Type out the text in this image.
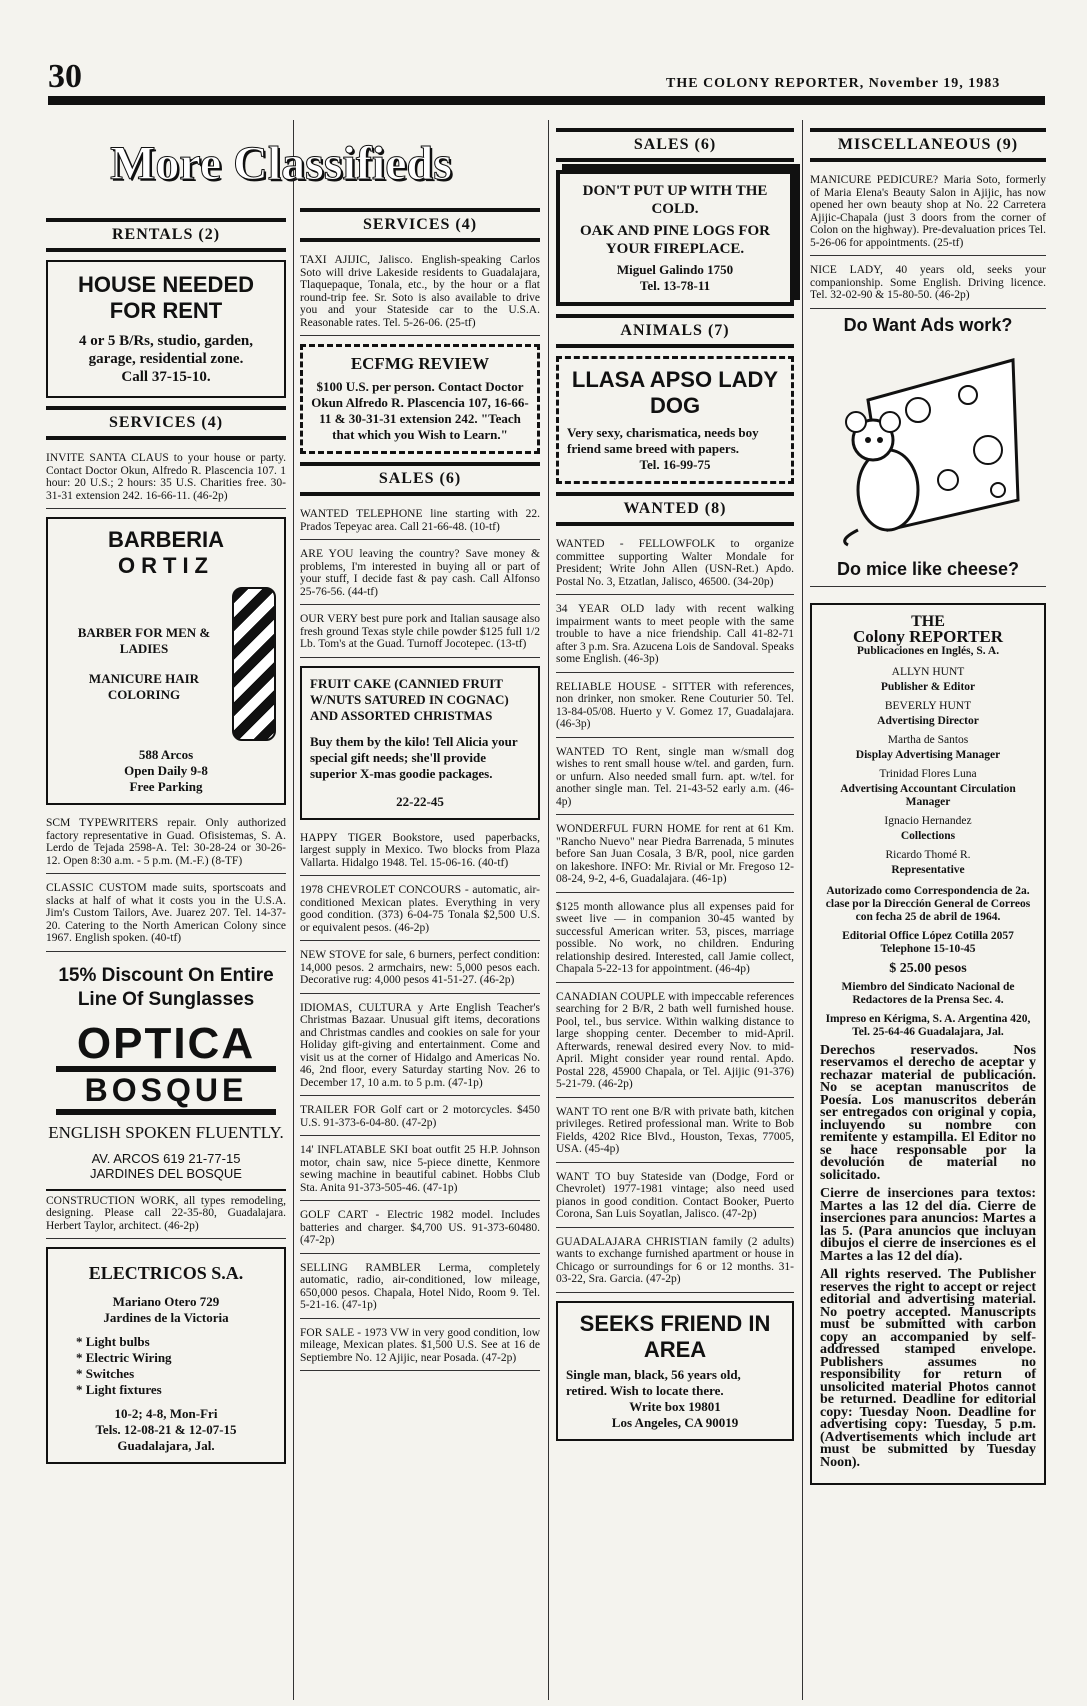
30	THE COLONY REPORTER, November 19, 1983
More Classifieds
RENTALS (2)
HOUSE NEEDED FOR RENT
4 or 5 B/Rs, studio, garden, garage, residential zone.
Call 37-15-10.
SERVICES (4)
INVITE SANTA CLAUS to your house or party. Contact Doctor Okun, Alfredo R. Plascencia 107. 1 hour: 20 U.S.; 2 hours: 35 U.S. Charities free. 30-31-31 extension 242. 16-66-11. (46-2p)
BARBERIA
ORTIZ
BARBER FOR MEN & LADIES
MANICURE HAIR COLORING
588 Arcos
Open Daily 9-8
Free Parking
SCM TYPEWRITERS repair. Only authorized factory representative in Guad. Ofisistemas, S. A. Lerdo de Tejada 2598-A. Tel: 30-28-24 or 30-26-12. Open 8:30 a.m. - 5 p.m. (M.-F.) (8-TF)
CLASSIC CUSTOM made suits, sportscoats and slacks at half of what it costs you in the U.S.A. Jim's Custom Tailors, Ave. Juarez 207. Tel. 14-37-20. Catering to the North American Colony since 1967. English spoken. (40-tf)
15% Discount On Entire Line Of Sunglasses
OPTICA
BOSQUE
ENGLISH SPOKEN FLUENTLY.
AV. ARCOS 619 21-77-15
JARDINES DEL BOSQUE
CONSTRUCTION WORK, all types remodeling, designing. Please call 22-35-80, Guadalajara. Herbert Taylor, architect. (46-2p)
ELECTRICOS S.A.
Mariano Otero 729
Jardines de la Victoria
* Light bulbs
* Electric Wiring
* Switches
* Light fixtures
10-2; 4-8, Mon-Fri
Tels. 12-08-21 & 12-07-15
Guadalajara, Jal.
SERVICES (4)
TAXI AJIJIC, Jalisco. English-speaking Carlos Soto will drive Lakeside residents to Guadalajara, Tlaquepaque, Tonala, etc., by the hour or a flat round-trip fee. Sr. Soto is also available to drive you and your Stateside car to the U.S.A. Reasonable rates. Tel. 5-26-06. (25-tf)
ECFMG REVIEW
$100 U.S. per person. Contact Doctor Okun Alfredo R. Plascencia 107, 16-66-11 & 30-31-31 extension 242. "Teach that which you Wish to Learn."
SALES (6)
WANTED TELEPHONE line starting with 22. Prados Tepeyac area. Call 21-66-48. (10-tf)
ARE YOU leaving the country? Save money & problems, I'm interested in buying all or part of your stuff, I decide fast & pay cash. Call Alfonso 25-76-56. (44-tf)
OUR VERY best pure pork and Italian sausage also fresh ground Texas style chile powder $125 full 1/2 Lb. Tom's at the Guad. Turnoff Jocotepec. (13-tf)
FRUIT CAKE (CANNIED FRUIT W/NUTS SATURED IN COGNAC) AND ASSORTED CHRISTMAS
Buy them by the kilo! Tell Alicia your special gift needs; she'll provide superior X-mas goodie packages.
22-22-45
HAPPY TIGER Bookstore, used paperbacks, largest supply in Mexico. Two blocks from Plaza Vallarta. Hidalgo 1948. Tel. 15-06-16. (40-tf)
1978 CHEVROLET CONCOURS - automatic, air-conditioned Mexican plates. Everything in very good condition. (373) 6-04-75 Tonala $2,500 U.S. or equivalent pesos. (46-2p)
NEW STOVE for sale, 6 burners, perfect condition: 14,000 pesos. 2 armchairs, new: 5,000 pesos each. Decorative rug: 4,000 pesos 41-51-27. (46-2p)
IDIOMAS, CULTURA y Arte English Teacher's Christmas Bazaar. Unusual gift items, decorations and Christmas candles and cookies on sale for your Holiday gift-giving and entertainment. Come and visit us at the corner of Hidalgo and Americas No. 46, 2nd floor, every Saturday starting Nov. 26 to December 17, 10 a.m. to 5 p.m. (47-1p)
TRAILER FOR Golf cart or 2 motorcycles. $450 U.S. 91-373-6-04-80. (47-2p)
14' INFLATABLE SKI boat outfit 25 H.P. Johnson motor, chain saw, nice 5-piece dinette, Kenmore sewing machine in beautiful cabinet. Hobbs Club Sta. Anita 91-373-505-46. (47-1p)
GOLF CART - Electric 1982 model. Includes batteries and charger. $4,700 US. 91-373-60480. (47-2p)
SELLING RAMBLER Lerma, completely automatic, radio, air-conditioned, low mileage, 650,000 pesos. Chapala, Hotel Nido, Room 9. Tel. 5-21-16. (47-1p)
FOR SALE - 1973 VW in very good condition, low mileage, Mexican plates. $1,500 U.S. See at 16 de Septiembre No. 12 Ajijic, near Posada. (47-2p)
SALES (6)
DON'T PUT UP WITH THE COLD.
OAK AND PINE LOGS FOR YOUR FIREPLACE.
Miguel Galindo 1750
Tel. 13-78-11
ANIMALS (7)
LLASA APSO LADY DOG
Very sexy, charismatica, needs boy friend same breed with papers.
Tel. 16-99-75
WANTED (8)
WANTED - FELLOWFOLK to organize committee supporting Walter Mondale for President; Write John Allen (USN-Ret.) Apdo. Postal No. 3, Etzatlan, Jalisco, 46500. (34-20p)
34 YEAR OLD lady with recent walking impairment wants to meet people with the same trouble to have a nice friendship. Call 41-82-71 after 3 p.m. Sra. Azucena Lois de Sandoval. Speaks some English. (46-3p)
RELIABLE HOUSE - SITTER with references, non drinker, non smoker. Rene Couturier 50. Tel. 13-84-05/08. Huerto y V. Gomez 17, Guadalajara. (46-3p)
WANTED TO Rent, single man w/small dog wishes to rent small house w/tel. and garden, furn. or unfurn. Also needed small furn. apt. w/tel. for another single man. Tel. 21-43-52 early a.m. (46-4p)
WONDERFUL FURN HOME for rent at 61 Km. "Rancho Nuevo" near Piedra Barrenada, 5 minutes before San Juan Cosala, 3 B/R, pool, nice garden on lakeshore. INFO: Mr. Rivial or Mr. Fregoso 12-08-24, 9-2, 4-6, Guadalajara. (46-1p)
$125 month allowance plus all expenses paid for sweet live — in companion 30-45 wanted by successful American writer. 53, pisces, marriage possible. No work, no children. Enduring relationship desired. Interested, call Jamie collect, Chapala 5-22-13 for appointment. (46-4p)
CANADIAN COUPLE with impeccable references searching for 2 B/R, 2 bath well furnished house. Pool, tel., bus service. Within walking distance to large shopping center. December to mid-April. Afterwards, renewal desired every Nov. to mid-April. Might consider year round rental. Apdo. Postal 228, 45900 Chapala, or Tel. Ajijic (91-376) 5-21-79. (46-2p)
WANT TO rent one B/R with private bath, kitchen privileges. Retired professional man. Write to Bob Fields, 4202 Rice Blvd., Houston, Texas, 77005, USA. (45-4p)
WANT TO buy Stateside van (Dodge, Ford or Chevrolet) 1977-1981 vintage; also need used pianos in good condition. Contact Booker, Puerto Corona, San Luis Soyatlan, Jalisco. (47-2p)
GUADALAJARA CHRISTIAN family (2 adults) wants to exchange furnished apartment or house in Chicago or surroundings for 6 or 12 months. 31-03-22, Sra. Garcia. (47-2p)
SEEKS FRIEND IN AREA
Single man, black, 56 years old, retired. Wish to locate there.
Write box 19801
Los Angeles, CA 90019
MISCELLANEOUS (9)
MANICURE PEDICURE? Maria Soto, formerly of Maria Elena's Beauty Salon in Ajijic, has now opened her own beauty shop at No. 22 Carretera Ajijic-Chapala (just 3 doors from the corner of Colon on the highway). Pre-devaluation prices Tel. 5-26-06 for appointments. (25-tf)
NICE LADY, 40 years old, seeks your companionship. Some English. Driving licence. Tel. 32-02-90 & 15-80-50. (46-2p)
Do Want Ads work?
Do mice like cheese?

THE

Colony REPORTER

Publicaciones en Inglés, S. A.

ALLYN HUNT

Publisher & Editor

BEVERLY HUNT

Advertising Director

Martha de Santos

Display Advertising Manager

Trinidad Flores Luna

Advertising Accountant Circulation Manager

Ignacio Hernandez

Collections

Ricardo Thomé R.

Representative

Autorizado como Correspondencia de 2a. clase por la Dirección General de Correos con fecha 25 de abril de 1964.

Editorial Office López Cotilla 2057 Telephone 15-10-45

$ 25.00 pesos

Miembro del Sindicato Nacional de Redactores de la Prensa Sec. 4.

Impreso en Kérigma, S. A. Argentina 420, Tel. 25-64-46 Guadalajara, Jal.

Derechos reservados. Nos reservamos el derecho de aceptar y rechazar material de publicación. No se aceptan manuscritos de Poesía. Los manuscritos deberán ser entregados con original y copia, incluyendo su nombre con remitente y estampilla. El Editor no se hace responsable por la devolución de material no solicitado.
Cierre de inserciones para textos: Martes a las 12 del día. Cierre de inserciones para anuncios: Martes a las 5. (Para anuncios que incluyan dibujos el cierre de inserciones es el Martes a las 12 del día).
All rights reserved. The Publisher reserves the right to accept or reject editorial and advertising material. No poetry accepted. Manuscripts must be submitted with carbon copy an accompanied by self-addressed stamped envelope. Publishers assumes no responsibility for return of unsolicited material Photos cannot be returned. Deadline for editorial copy: Tuesday Noon. Deadline for advertising copy: Tuesday, 5 p.m. (Advertisements which include art must be submitted by Tuesday Noon).
